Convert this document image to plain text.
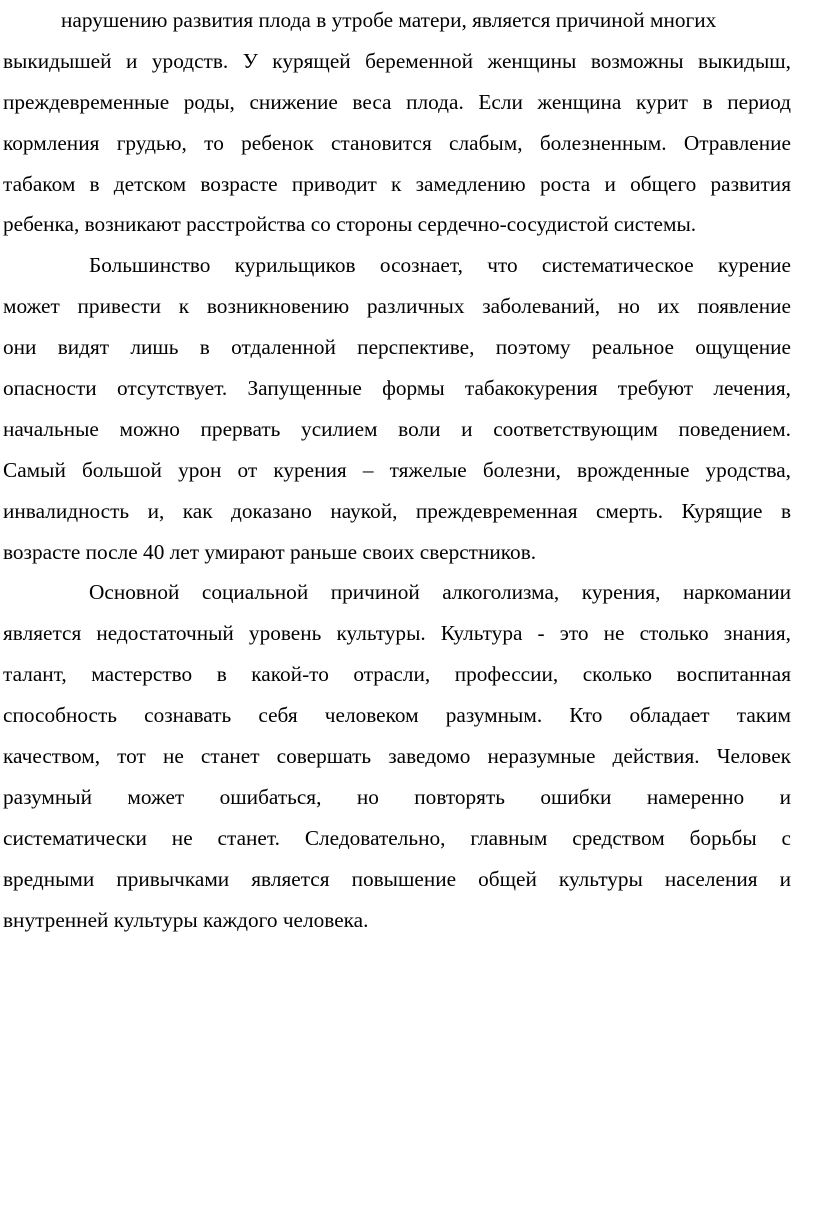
нарушению развития плода в утробе матери, является причиной многих
выкидышей и уродств. У курящей беременной женщины возможны выкидыш,
преждевременные роды, снижение веса плода. Если женщина курит в период
кормления грудью, то ребенок становится слабым, болезненным. Отравление
табаком в детском возрасте приводит к замедлению роста и общего развития
ребенка, возникают расстройства со стороны сердечно-сосудистой системы.
Большинство курильщиков осознает, что систематическое курение
может привести к возникновению различных заболеваний, но их появление
они видят лишь в отдаленной перспективе, поэтому реальное ощущение
опасности отсутствует. Запущенные формы табакокурения требуют лечения,
начальные можно прервать усилием воли и соответствующим поведением.
Самый большой урон от курения – тяжелые болезни, врожденные уродства,
инвалидность и, как доказано наукой, преждевременная смерть. Курящие в
возрасте после 40 лет умирают раньше своих сверстников.
Основной социальной причиной алкоголизма, курения, наркомании
является недостаточный уровень культуры. Культура - это не столько знания,
талант, мастерство в какой-то отрасли, профессии, сколько воспитанная
способность сознавать себя человеком разумным. Кто обладает таким
качеством, тот не станет совершать заведомо неразумные действия. Человек
разумный может ошибаться, но повторять ошибки намеренно и
систематически не станет. Следовательно, главным средством борьбы с
вредными привычками является повышение общей культуры населения и
внутренней культуры каждого человека.
